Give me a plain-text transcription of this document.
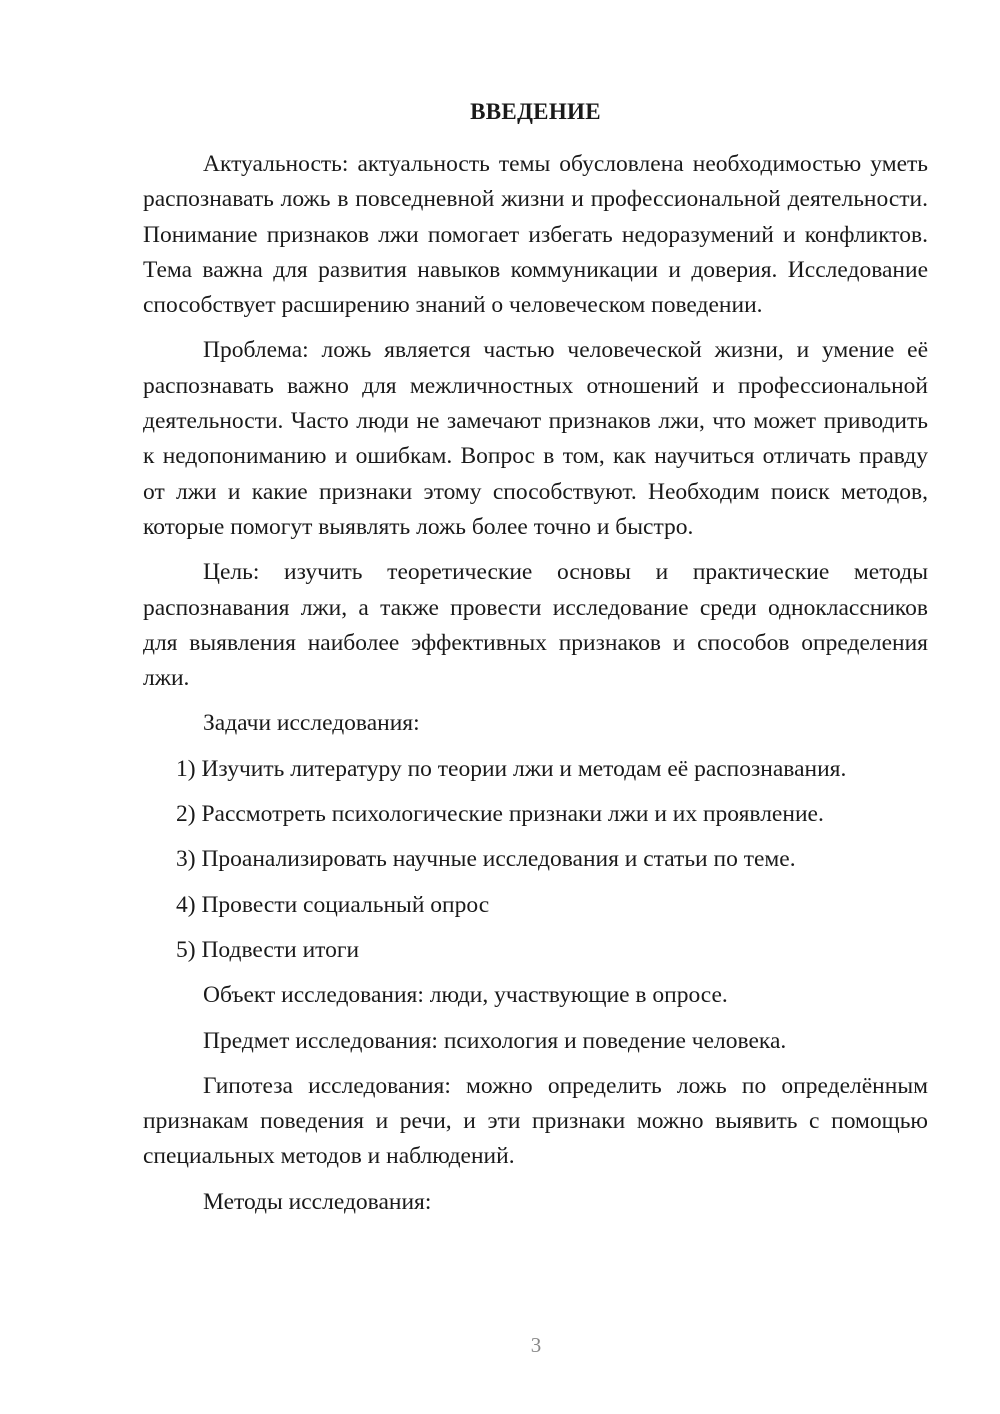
ВВЕДЕНИЕ

Актуальность: актуальность темы обусловлена необходимостью уметь распознавать ложь в повседневной жизни и профессиональной деятельности. Понимание признаков лжи помогает избегать недоразумений и конфликтов. Тема важна для развития навыков коммуникации и доверия. Исследование способствует расширению знаний о человеческом поведении.

Проблема: ложь является частью человеческой жизни, и умение её распознавать важно для межличностных отношений и профессиональной деятельности. Часто люди не замечают признаков лжи, что может приводить к недопониманию и ошибкам. Вопрос в том, как научиться отличать правду от лжи и какие признаки этому способствуют. Необходим поиск методов, которые помогут выявлять ложь более точно и быстро.

Цель: изучить теоретические основы и практические методы распознавания лжи, а также провести исследование среди одноклассников для выявления наиболее эффективных признаков и способов определения лжи.

Задачи исследования:

1) Изучить литературу по теории лжи и методам её распознавания.

2) Рассмотреть психологические признаки лжи и их проявление.

3) Проанализировать научные исследования и статьи по теме.

4) Провести социальный опрос

5) Подвести итоги

Объект исследования: люди, участвующие в опросе.

Предмет исследования: психология и поведение человека.

Гипотеза исследования: можно определить ложь по определённым признакам поведения и речи, и эти признаки можно выявить с помощью специальных методов и наблюдений.

Методы исследования:

3
